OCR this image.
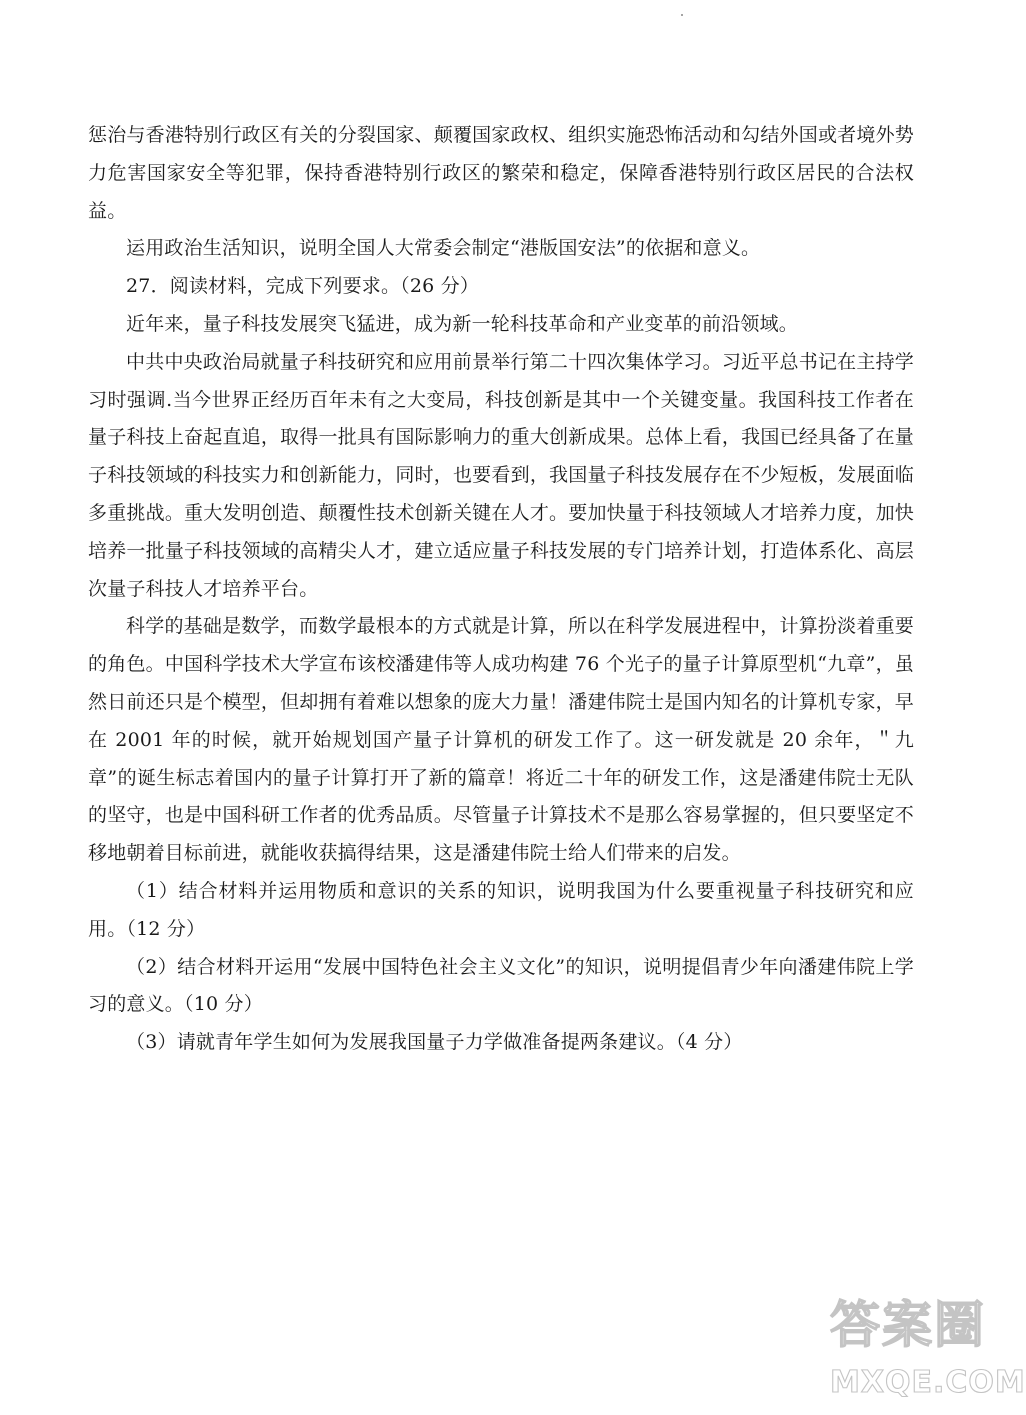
惩治与香港特别行政区有关的分裂国家、颠覆国家政权、组织实施恐怖活动和勾结外国或者境外势力危害国家安全等犯罪，保持香港特别行政区的繁荣和稳定，保障香港特别行政区居民的合法权益。

运用政治生活知识，说明全国人大常委会制定“港版国安法”的依据和意义。

27．阅读材料，完成下列要求。（26 分）

近年来，量子科技发展突飞猛进，成为新一轮科技革命和产业变革的前沿领域。

中共中央政治局就量子科技研究和应用前景举行第二十四次集体学习。习近平总书记在主持学习时强调.当今世界正经历百年未有之大变局，科技创新是其中一个关键变量。我国科技工作者在量子科技上奋起直追，取得一批具有国际影响力的重大创新成果。总体上看，我国已经具备了在量子科技领域的科技实力和创新能力，同时，也要看到，我国量子科技发展存在不少短板，发展面临多重挑战。重大发明创造、颠覆性技术创新关键在人才。要加快量于科技领域人才培养力度，加快培养一批量子科技领域的高精尖人才，建立适应量子科技发展的专门培养计划，打造体系化、高层次量子科技人才培养平台。

科学的基础是数学，而数学最根本的方式就是计算，所以在科学发展进程中，计算扮淡着重要的角色。中国科学技术大学宣布该校潘建伟等人成功构建 76 个光子的量子计算原型机“九章”，虽然日前还只是个模型，但却拥有着难以想象的庞大力量！潘建伟院士是国内知名的计算机专家，早在 2001 年的时候，就开始规划国产量子计算机的研发工作了。这一研发就是 20 余年，＂九章”的诞生标志着国内的量子计算打开了新的篇章！将近二十年的研发工作，这是潘建伟院士无队的坚守，也是中国科研工作者的优秀品质。尽管量子计算技术不是那么容易掌握的，但只要坚定不移地朝着目标前进，就能收获搞得结果，这是潘建伟院士给人们带来的启发。

（1）结合材料并运用物质和意识的关系的知识，说明我国为什么要重视量子科技研究和应用。（12 分）

（2）结合材料开运用“发展中国特色社会主义文化”的知识，说明提倡青少年向潘建伟院上学习的意义。（10 分）

（3）请就青年学生如何为发展我国量子力学做准备提两条建议。（4 分）

答案圈
MXQE.COM
